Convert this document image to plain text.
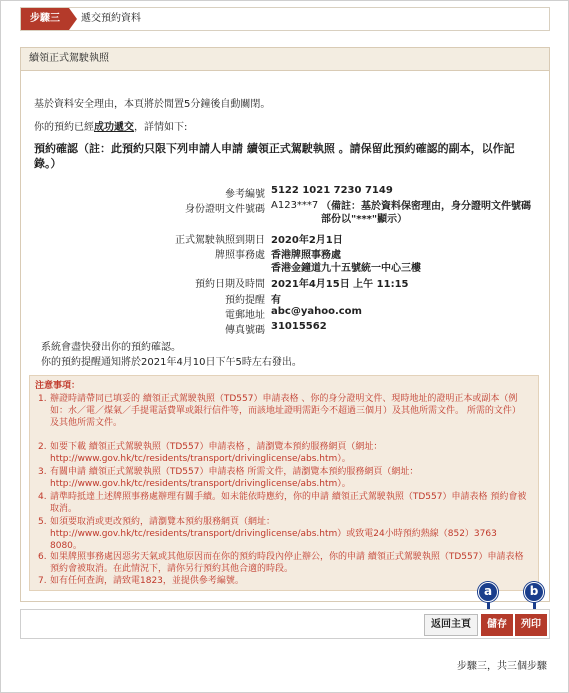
步驟三	遞交預約資料
續領正式駕駛執照
基於資料安全理由，本頁將於閒置5分鐘後自動關閉。
你的預約已經成功遞交，詳情如下:
預約確認（註：此預約只限下列申請人申請 續領正式駕駛執照 。請保留此預約確認的副本，以作記錄。）
參考編號 5122 1021 7230 7149
身份證明文件號碼 A123***7 （備註：基於資料保密理由，身分證明文件號碼部份以"***"顯示）
正式駕駛執照到期日 2020年2月1日
牌照事務處 香港牌照事務處
香港金鐘道九十五號統一中心三樓
預約日期及時間 2021年4月15日 上午 11:15
預約提醒 有
電郵地址 abc@yahoo.com
傳真號碼 31015562
系統會盡快發出你的預約確認。
你的預約提醒通知將於2021年4月10日下午5時左右發出。
注意事項：
1. 辦證時請帶同已填妥的 續領正式駕駛執照（TD557）申請表格 、你的身分證明文件、現時地址的證明正本或副本（例如：水／電／煤氣／手提電話費單或銀行信件等，而該地址證明需距今不超過三個月）及其他所需文件。 所需的文件）及其他所需文件。
2. 如要下載 續領正式駕駛執照（TD557）申請表格 ，請瀏覽本預約服務網頁（網址： http://www.gov.hk/tc/residents/transport/drivinglicense/abs.htm）。
3. 有關申請 續領正式駕駛執照（TD557）申請表格 所需文件，請瀏覽本預約服務網頁（網址： http://www.gov.hk/tc/residents/transport/drivinglicense/abs.htm）。
4. 請準時抵達上述牌照事務處辦理有關手續。如未能依時應約，你的申請 續領正式駕駛執照（TD557）申請表格 預約會被取消。
5. 如須要取消或更改預約，請瀏覽本預約服務網頁（網址： http://www.gov.hk/tc/residents/transport/drivinglicense/abs.htm）或致電24小時預約熱線（852）3763 8080。
6. 如果牌照事務處因惡劣天氣或其他原因而在你的預約時段內停止辦公，你的申請 續領正式駕駛執照（TD557）申請表格 預約會被取消。在此情況下，請你另行預約其他合適的時段。
7. 如有任何查詢，請致電1823，並提供參考編號。
a	b
返回主頁	儲存	列印
步驟三，共三個步驟
